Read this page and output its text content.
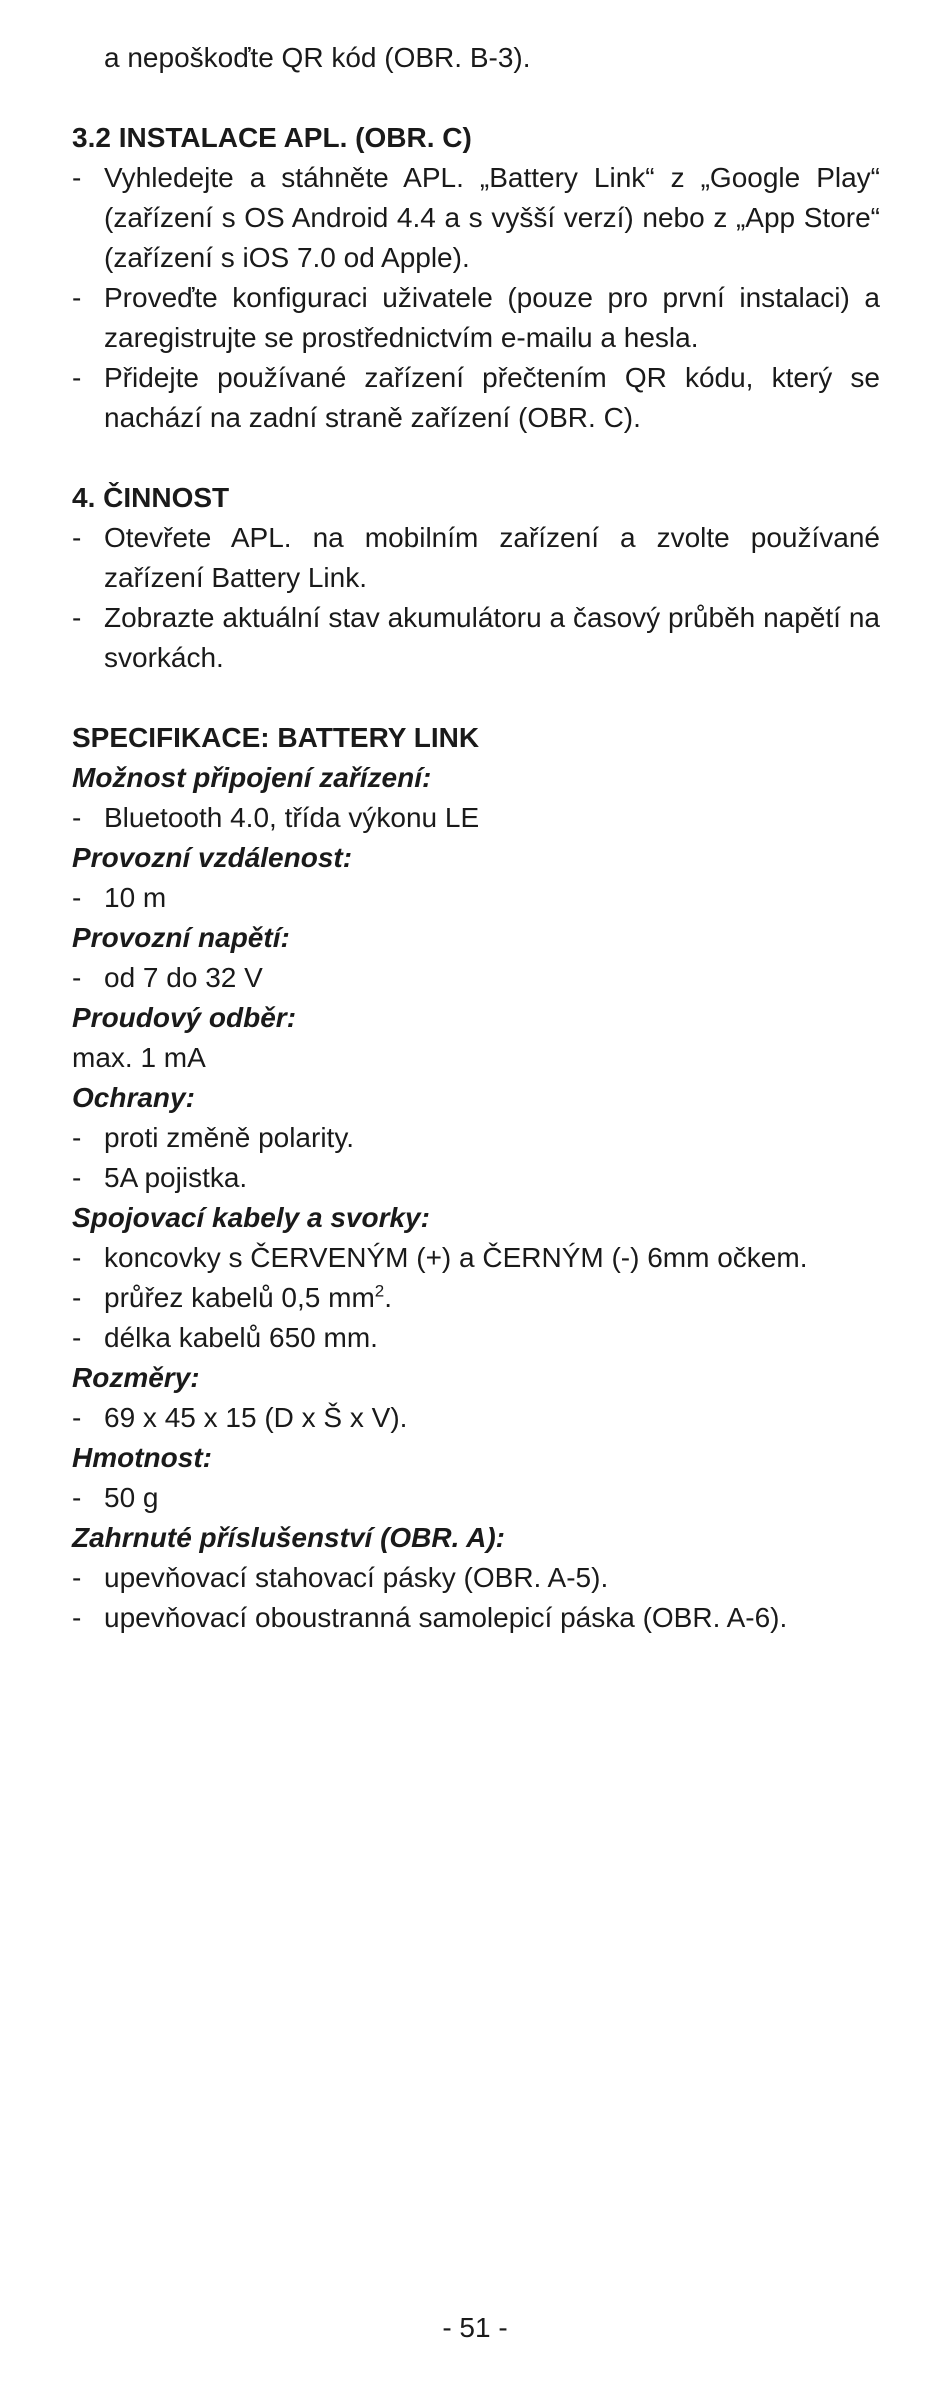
a nepoškoďte QR kód (OBR. B-3).
3.2 INSTALACE APL. (OBR. C)
- Vyhledejte a stáhněte APL. „Battery Link“ z „Google Play“ (zařízení s OS Android 4.4 a s vyšší verzí) nebo z „App Store“ (zařízení s iOS 7.0 od Apple).
- Proveďte konfiguraci uživatele (pouze pro první instalaci) a zaregistrujte se prostřednictvím e-mailu a hesla.
- Přidejte používané zařízení přečtením QR kódu, který se nachází na zadní straně zařízení (OBR. C).
4. ČINNOST
- Otevřete APL. na mobilním zařízení a zvolte používané zařízení Battery Link.
- Zobrazte aktuální stav akumulátoru a časový průběh napětí na svorkách.
SPECIFIKACE: BATTERY LINK
Možnost připojení zařízení:
- Bluetooth 4.0, třída výkonu LE
Provozní vzdálenost:
- 10 m
Provozní napětí:
- od 7 do 32 V
Proudový odběr:
max. 1 mA
Ochrany:
- proti změně polarity.
- 5A pojistka.
Spojovací kabely a svorky:
- koncovky s ČERVENÝM (+) a ČERNÝM (-) 6mm očkem.
- průřez kabelů 0,5 $mm^2$.
- délka kabelů 650 mm.
Rozměry:
- 69 x 45 x 15 (D x Š x V).
Hmotnost:
- 50 g
Zahrnuté příslušenství (OBR. A):
- upevňovací stahovací pásky (OBR. A-5).
- upevňovací oboustranná samolepicí páska (OBR. A-6).
- 51 -
